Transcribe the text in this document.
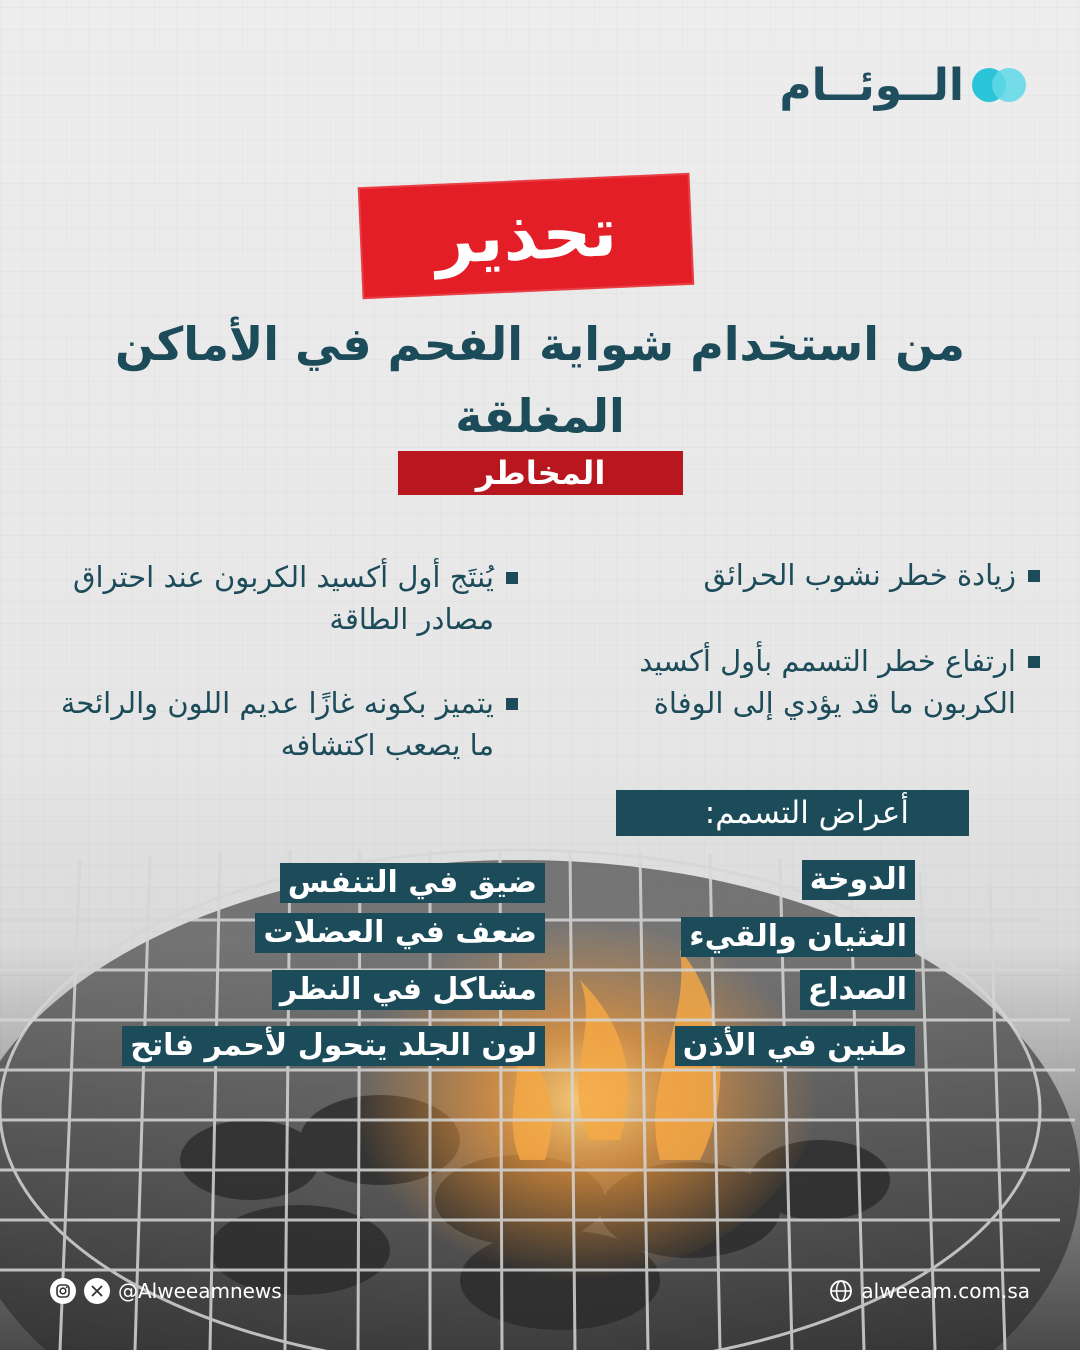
الــوئــام
تحذير
من استخدام شواية الفحم في الأماكن المغلقة
المخاطر
زيادة خطر نشوب الحرائق
ارتفاع خطر التسمم بأول أكسيد الكربون ما قد يؤدي إلى الوفاة
يُنتَج أول أكسيد الكربون عند احتراق مصادر الطاقة
يتميز بكونه غازًا عديم اللون والرائحة ما يصعب اكتشافه
أعراض التسمم:
الدوخة
الغثيان والقيء
الصداع
طنين في الأذن
ضيق في التنفس
ضعف في العضلات
مشاكل في النظر
لون الجلد يتحول لأحمر فاتح
@Alweeamnews	alweeam.com.sa
